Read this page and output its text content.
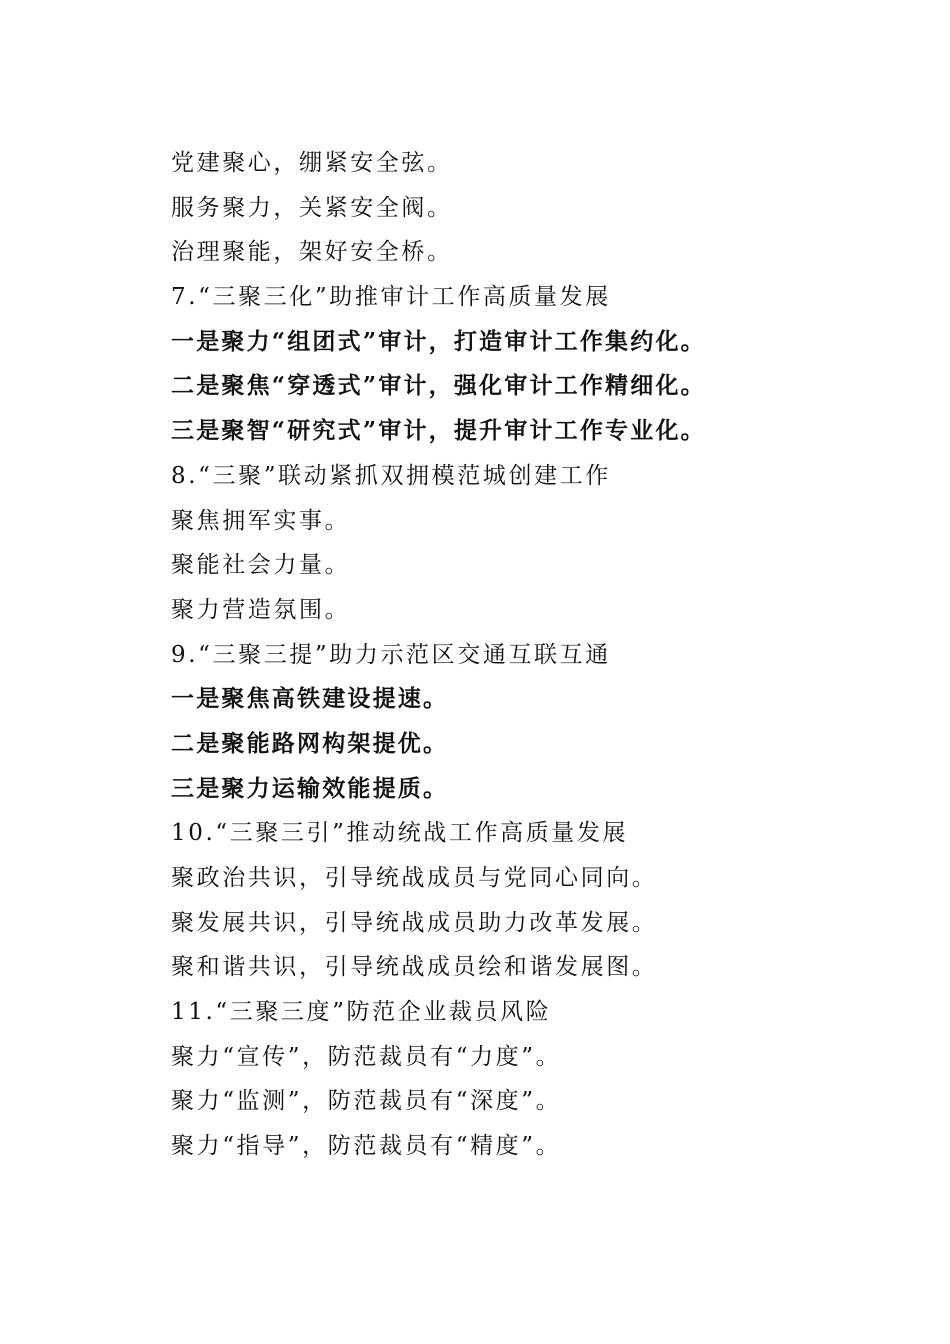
党建聚心，绷紧安全弦。
服务聚力，关紧安全阀。
治理聚能，架好安全桥。
7.“三聚三化”助推审计工作高质量发展
一是聚力“组团式”审计，打造审计工作集约化。
二是聚焦“穿透式”审计，强化审计工作精细化。
三是聚智“研究式”审计，提升审计工作专业化。
8.“三聚”联动紧抓双拥模范城创建工作
聚焦拥军实事。
聚能社会力量。
聚力营造氛围。
9.“三聚三提”助力示范区交通互联互通
一是聚焦高铁建设提速。
二是聚能路网构架提优。
三是聚力运输效能提质。
10.“三聚三引”推动统战工作高质量发展
聚政治共识，引导统战成员与党同心同向。
聚发展共识，引导统战成员助力改革发展。
聚和谐共识，引导统战成员绘和谐发展图。
11.“三聚三度”防范企业裁员风险
聚力“宣传”，防范裁员有“力度”。
聚力“监测”，防范裁员有“深度”。
聚力“指导”，防范裁员有“精度”。
